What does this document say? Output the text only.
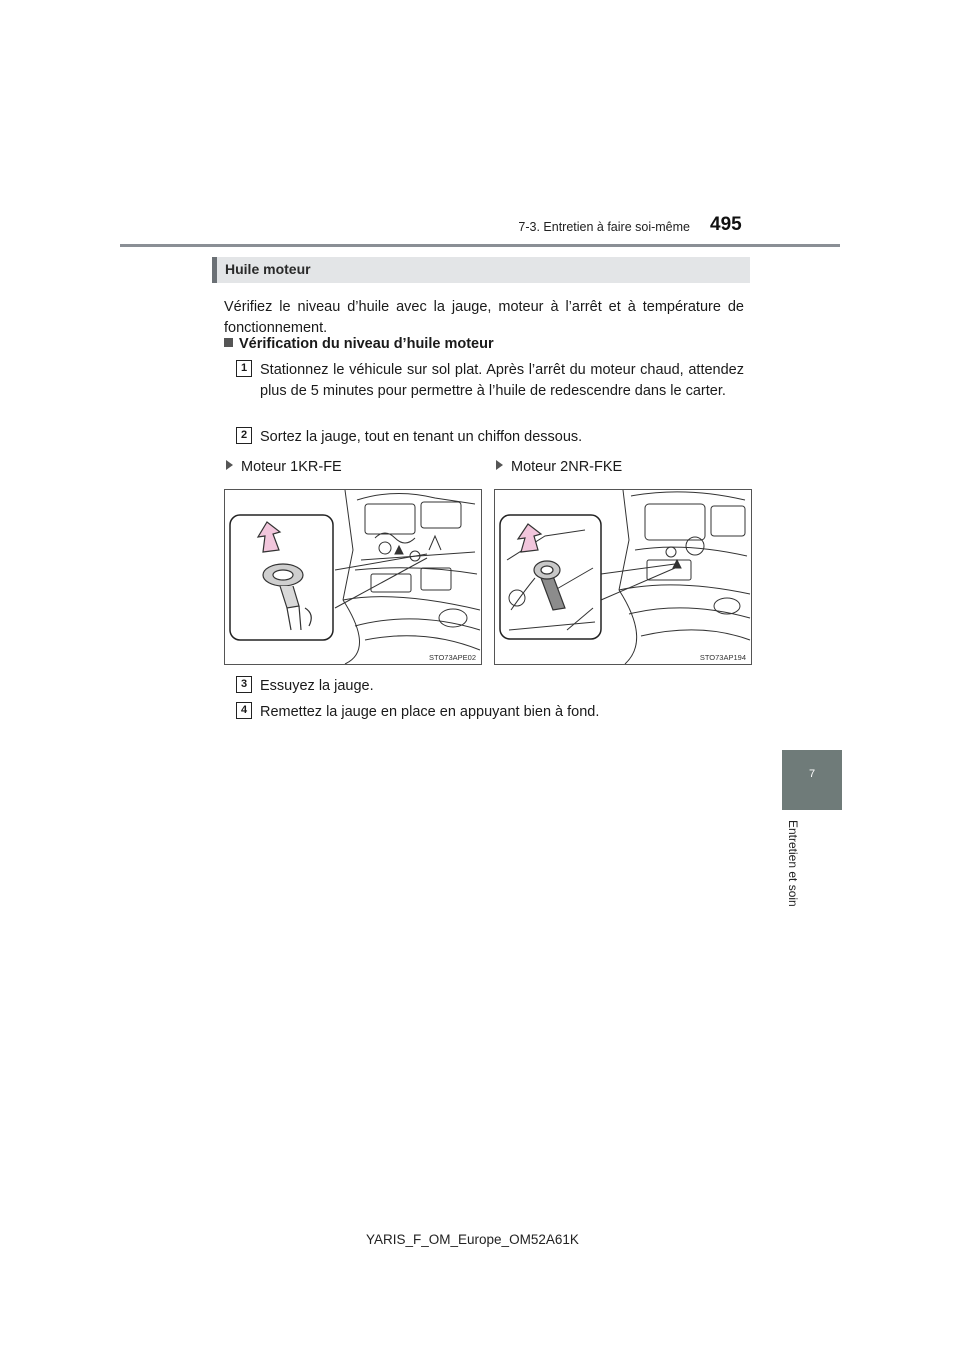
7-3. Entretien à faire soi-même 495
Huile moteur
Vérifiez le niveau d’huile avec la jauge, moteur à l’arrêt et à température de fonctionnement.
Vérification du niveau d’huile moteur
1 Stationnez le véhicule sur sol plat. Après l’arrêt du moteur chaud, attendez plus de 5 minutes pour permettre à l’huile de redescendre dans le carter.
2 Sortez la jauge, tout en tenant un chiffon dessous.
Moteur 1KR-FE	Moteur 2NR-FKE
STO73APE02	STO73AP194
3 Essuyez la jauge.
4 Remettez la jauge en place en appuyant bien à fond.
7
Entretien et soin
YARIS_F_OM_Europe_OM52A61K
